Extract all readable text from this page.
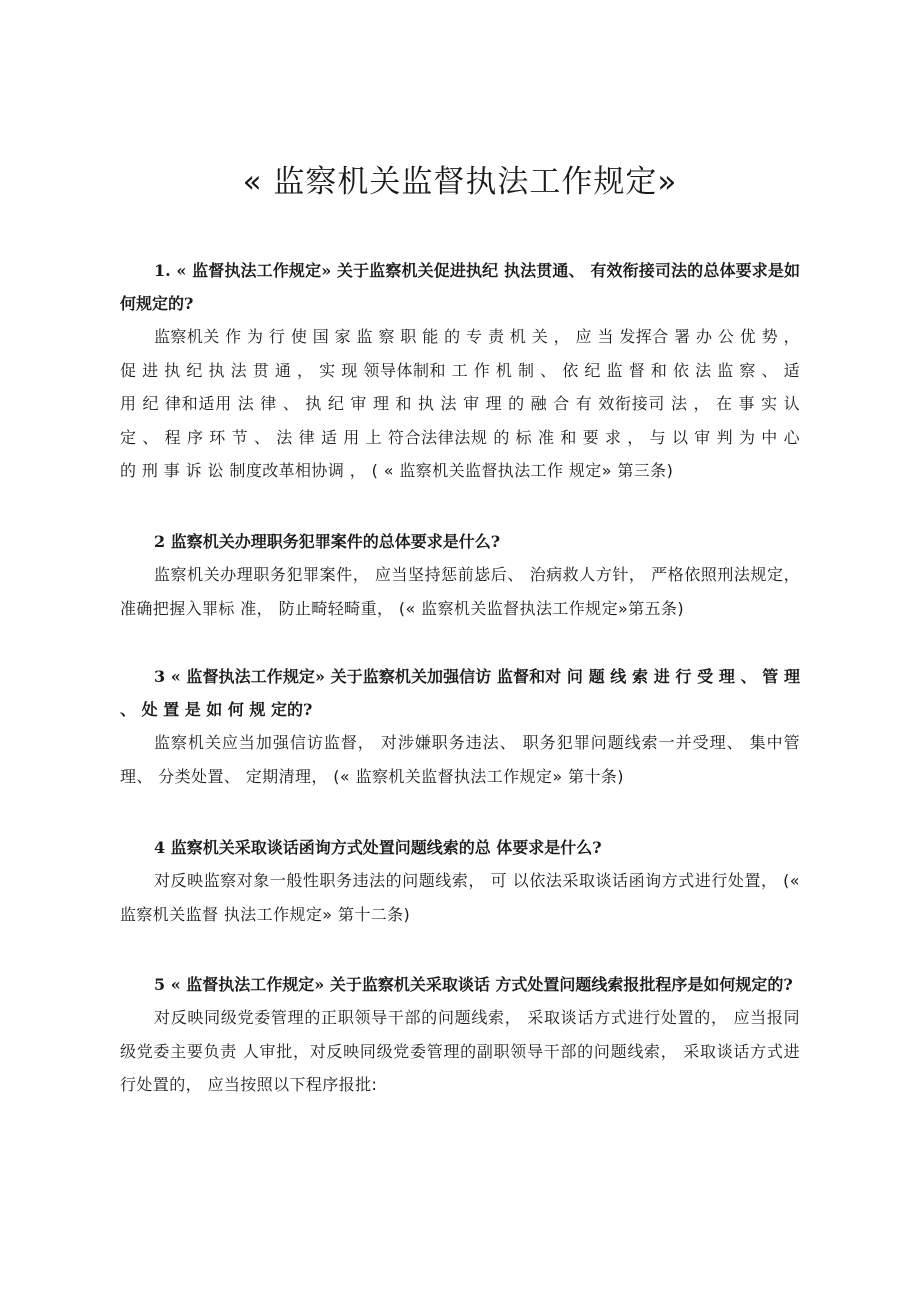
« 监察机关监督执法工作规定»

1. « 监督执法工作规定» 关于监察机关促进执纪 执法贯通、 有效衔接司法的总体要求是如何规定的?

监察机关 作 为 行 使 国 家 监 察 职 能 的 专 责 机 关 ， 应 当 发挥合 署 办 公 优 势 ， 促 进 执 纪 执 法 贯 通 ， 实 现 领导体制和 工 作 机 制 、 依 纪 监 督 和 依 法 监 察 、 适 用 纪 律和适用 法 律 、 执 纪 审 理 和 执 法 审 理 的 融 合 有 效衔接司 法 ， 在 事 实 认 定 、 程 序 环 节 、 法 律 适 用 上 符合法律法规 的 标 准 和 要 求 ， 与 以 审 判 为 中 心 的 刑 事 诉 讼 制度改革相协调 ， ( « 监察机关监督执法工作 规定» 第三条)

2 监察机关办理职务犯罪案件的总体要求是什么?

监察机关办理职务犯罪案件， 应当坚持惩前毖后、 治病救人方针， 严格依照刑法规定， 准确把握入罪标 准， 防止畸轻畸重， (« 监察机关监督执法工作规定»第五条)

3 « 监督执法工作规定» 关于监察机关加强信访 监督和对 问 题 线 索 进 行 受 理 、 管 理 、 处 置 是 如 何 规 定的?

监察机关应当加强信访监督， 对涉嫌职务违法、 职务犯罪问题线索一并受理、 集中管理、 分类处置、 定期清理， (« 监察机关监督执法工作规定» 第十条)

4 监察机关采取谈话函询方式处置问题线索的总 体要求是什么?

对反映监察对象一般性职务违法的问题线索， 可 以依法采取谈话函询方式进行处置， (« 监察机关监督 执法工作规定» 第十二条)

5 « 监督执法工作规定» 关于监察机关采取谈话 方式处置问题线索报批程序是如何规定的?

对反映同级党委管理的正职领导干部的问题线索， 采取谈话方式进行处置的， 应当报同级党委主要负责 人审批，对反映同级党委管理的副职领导干部的问题线索， 采取谈话方式进行处置的， 应当按照以下程序报批:
